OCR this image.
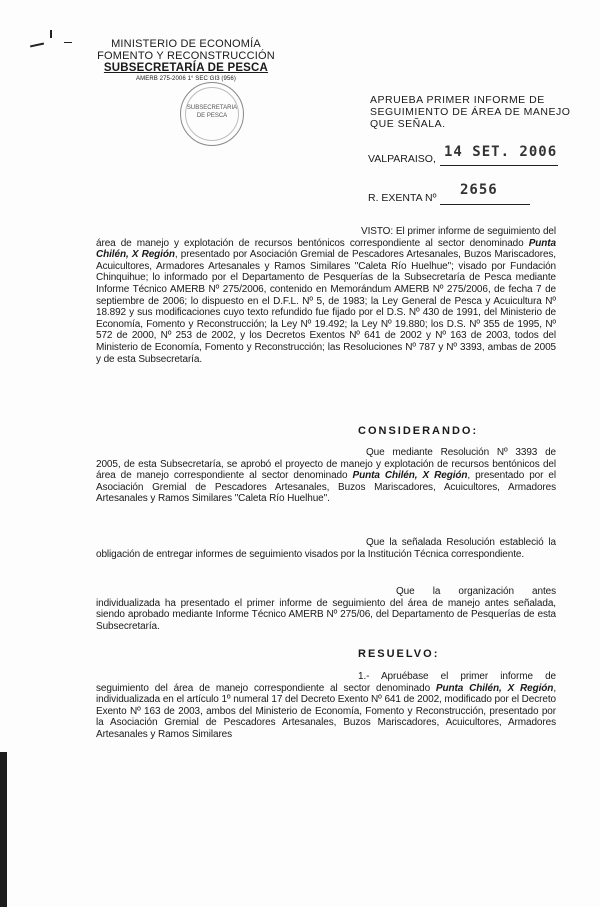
MINISTERIO DE ECONOMÍA
FOMENTO Y RECONSTRUCCIÓN
SUBSECRETARÍA DE PESCA
AMERB 275-2006 1° SEC GI3 (956)
SUBSECRETARIA
DE PESCA
APRUEBA PRIMER INFORME DE
SEGUIMIENTO DE ÁREA DE MANEJO
QUE SEÑALA.
VALPARAISO, 14 SET. 2006
R. EXENTA Nº 2656
VISTO: El primer informe de seguimiento del área de manejo y explotación de recursos bentónicos correspondiente al sector denominado Punta Chilén, X Región, presentado por Asociación Gremial de Pescadores Artesanales, Buzos Mariscadores, Acuicultores, Armadores Artesanales y Ramos Similares "Caleta Río Huelhue"; visado por Fundación Chinquihue; lo informado por el Departamento de Pesquerías de la Subsecretaría de Pesca mediante Informe Técnico AMERB Nº 275/2006, contenido en Memorándum AMERB Nº 275/2006, de fecha 7 de septiembre de 2006; lo dispuesto en el D.F.L. Nº 5, de 1983; la Ley General de Pesca y Acuicultura Nº 18.892 y sus modificaciones cuyo texto refundido fue fijado por el D.S. Nº 430 de 1991, del Ministerio de Economía, Fomento y Reconstrucción; la Ley Nº 19.492; la Ley Nº 19.880; los D.S. Nº 355 de 1995, Nº 572 de 2000, Nº 253 de 2002, y los Decretos Exentos Nº 641 de 2002 y Nº 163 de 2003, todos del Ministerio de Economía, Fomento y Reconstrucción; las Resoluciones Nº 787 y Nº 3393, ambas de 2005 y de esta Subsecretaría.
CONSIDERANDO:
Que mediante Resolución Nº 3393 de 2005, de esta Subsecretaría, se aprobó el proyecto de manejo y explotación de recursos bentónicos del área de manejo correspondiente al sector denominado Punta Chilén, X Región, presentado por el Asociación Gremial de Pescadores Artesanales, Buzos Mariscadores, Acuicultores, Armadores Artesanales y Ramos Similares "Caleta Río Huelhue".
Que la señalada Resolución estableció la obligación de entregar informes de seguimiento visados por la Institución Técnica correspondiente.
Que la organización antes individualizada ha presentado el primer informe de seguimiento del área de manejo antes señalada, siendo aprobado mediante Informe Técnico AMERB Nº 275/06, del Departamento de Pesquerías de esta Subsecretaría.
RESUELVO:
1.- Apruébase el primer informe de seguimiento del área de manejo correspondiente al sector denominado Punta Chilén, X Región, individualizada en el artículo 1º numeral 17 del Decreto Exento Nº 641 de 2002, modificado por el Decreto Exento Nº 163 de 2003, ambos del Ministerio de Economía, Fomento y Reconstrucción, presentado por la Asociación Gremial de Pescadores Artesanales, Buzos Mariscadores, Acuicultores, Armadores Artesanales y Ramos Similares
